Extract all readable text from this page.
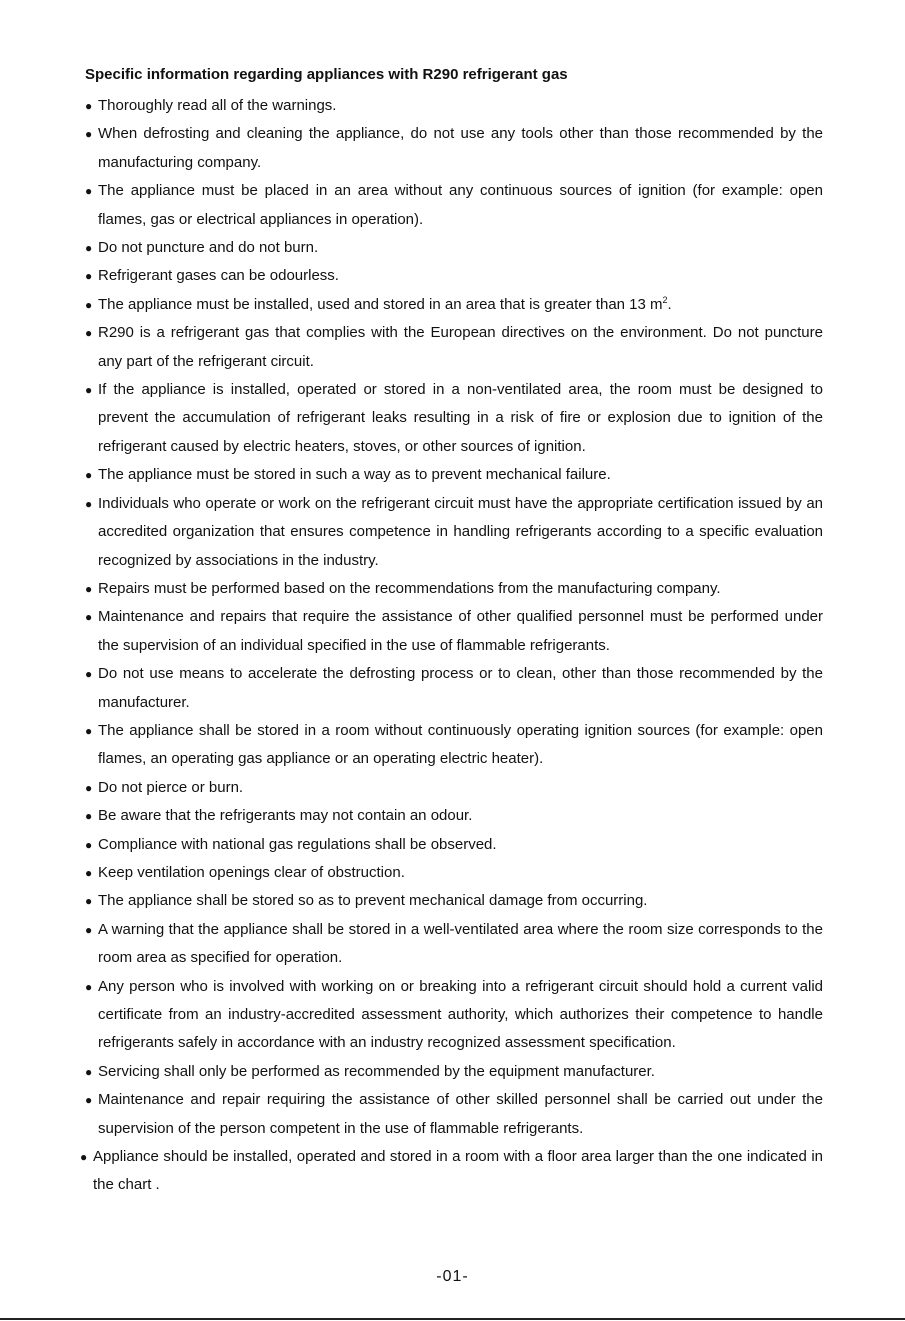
Specific information regarding appliances with R290 refrigerant gas
● Thoroughly read all of the warnings.
● When defrosting and cleaning the appliance, do not use any tools other than those recommended by the manufacturing company.
● The appliance must be placed in an area without any continuous sources of ignition (for example: open flames, gas or electrical appliances in operation).
● Do not puncture and do not burn.
● Refrigerant gases can be odourless.
● The appliance must be installed, used and stored in an area that is greater than 13 $m^2$.
● R290 is a refrigerant gas that complies with the European directives on the environment. Do not puncture any part of the refrigerant circuit.
● If the appliance is installed, operated or stored in a non-ventilated area, the room must be designed to prevent the accumulation of refrigerant leaks resulting in a risk of fire or explosion due to ignition of the refrigerant caused by electric heaters, stoves, or other sources of ignition.
● The appliance must be stored in such a way as to prevent mechanical failure.
● Individuals who operate or work on the refrigerant circuit must have the appropriate certification issued by an accredited organization that ensures competence in handling refrigerants according to a specific evaluation recognized by associations in the industry.
● Repairs must be performed based on the recommendations from the manufacturing company.
● Maintenance and repairs that require the assistance of other qualified personnel must be performed under the supervision of an individual specified in the use of flammable refrigerants.
● Do not use means to accelerate the defrosting process or to clean, other than those recommended by the manufacturer.
● The appliance shall be stored in a room without continuously operating ignition sources (for example: open flames, an operating gas appliance or an operating electric heater).
● Do not pierce or burn.
● Be aware that the refrigerants may not contain an odour.
● Compliance with national gas regulations shall be observed.
● Keep ventilation openings clear of obstruction.
● The appliance shall be stored so as to prevent mechanical damage from occurring.
● A warning that the appliance shall be stored in a well-ventilated area where the room size corresponds to the room area as specified for operation.
● Any person who is involved with working on or breaking into a refrigerant circuit should hold a current valid certificate from an industry-accredited assessment authority, which authorizes their competence to handle refrigerants safely in accordance with an industry recognized assessment specification.
● Servicing shall only be performed as recommended by the equipment manufacturer.
● Maintenance and repair requiring the assistance of other skilled personnel shall be carried out under the supervision of the person competent in the use of flammable refrigerants.
● Appliance should be installed, operated and stored in a room with a floor area larger than the one indicated in the chart .
-01-
